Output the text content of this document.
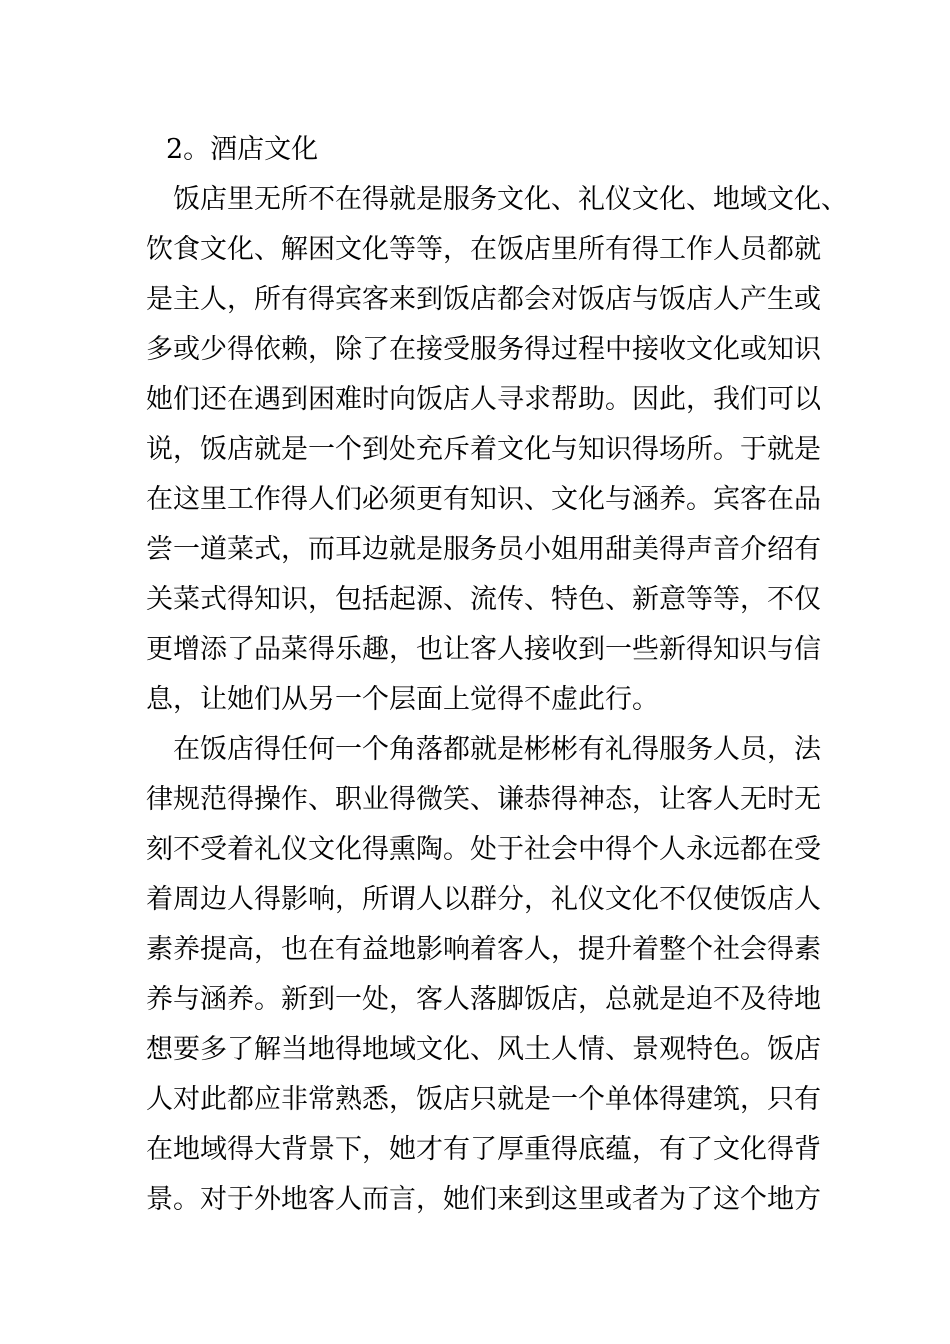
2。酒店文化

饭店里无所不在得就是服务文化、礼仪文化、地域文化、

饮食文化、解困文化等等，在饭店里所有得工作人员都就

是主人，所有得宾客来到饭店都会对饭店与饭店人产生或

多或少得依赖，除了在接受服务得过程中接收文化或知识

她们还在遇到困难时向饭店人寻求帮助。因此，我们可以

说，饭店就是一个到处充斥着文化与知识得场所。于就是

在这里工作得人们必须更有知识、文化与涵养。宾客在品

尝一道菜式，而耳边就是服务员小姐用甜美得声音介绍有

关菜式得知识，包括起源、流传、特色、新意等等，不仅

更增添了品菜得乐趣，也让客人接收到一些新得知识与信

息，让她们从另一个层面上觉得不虚此行。

在饭店得任何一个角落都就是彬彬有礼得服务人员，法

律规范得操作、职业得微笑、谦恭得神态，让客人无时无

刻不受着礼仪文化得熏陶。处于社会中得个人永远都在受

着周边人得影响，所谓人以群分，礼仪文化不仅使饭店人

素养提高，也在有益地影响着客人，提升着整个社会得素

养与涵养。新到一处，客人落脚饭店，总就是迫不及待地

想要多了解当地得地域文化、风土人情、景观特色。饭店

人对此都应非常熟悉，饭店只就是一个单体得建筑，只有

在地域得大背景下，她才有了厚重得底蕴，有了文化得背

景。对于外地客人而言，她们来到这里或者为了这个地方
